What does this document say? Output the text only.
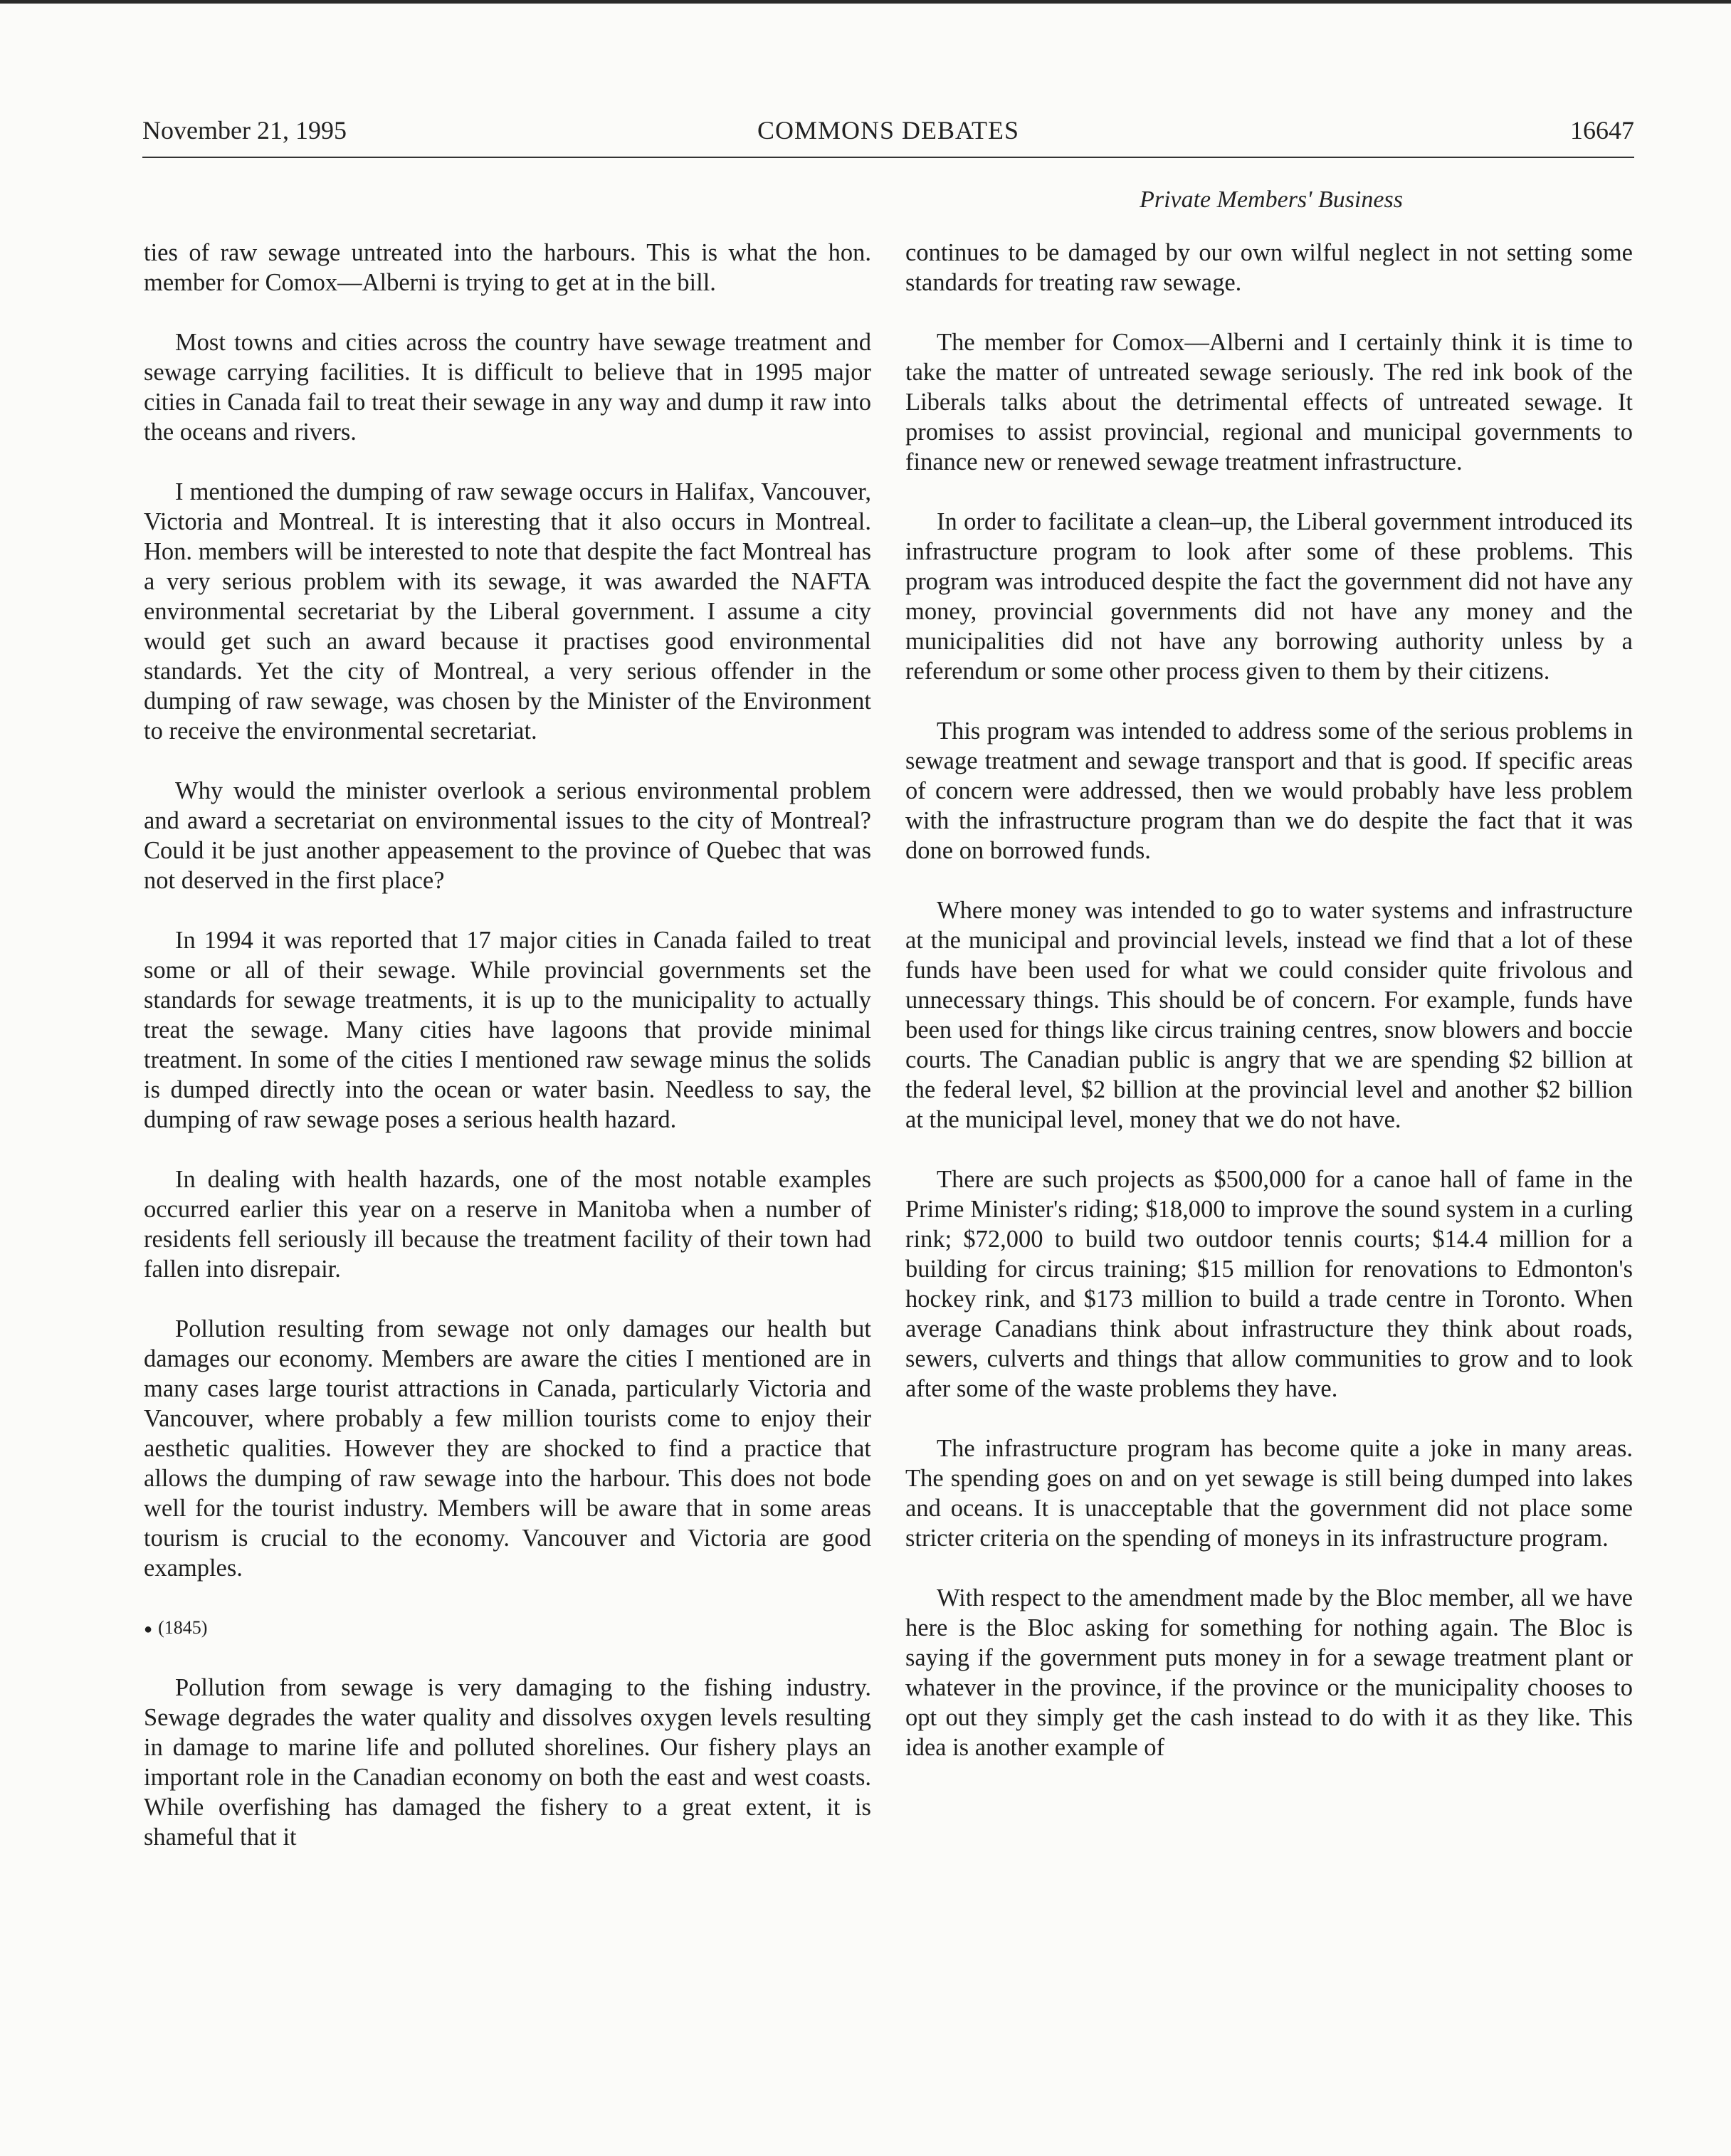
November 21, 1995	COMMONS DEBATES	16647
Private Members' Business

ties of raw sewage untreated into the harbours. This is what the hon. member for Comox—Alberni is trying to get at in the bill.

Most towns and cities across the country have sewage treatment and sewage carrying facilities. It is difficult to believe that in 1995 major cities in Canada fail to treat their sewage in any way and dump it raw into the oceans and rivers.

I mentioned the dumping of raw sewage occurs in Halifax, Vancouver, Victoria and Montreal. It is interesting that it also occurs in Montreal. Hon. members will be interested to note that despite the fact Montreal has a very serious problem with its sewage, it was awarded the NAFTA environmental secretariat by the Liberal government. I assume a city would get such an award because it practises good environmental standards. Yet the city of Montreal, a very serious offender in the dumping of raw sewage, was chosen by the Minister of the Environment to receive the environmental secretariat.

Why would the minister overlook a serious environmental problem and award a secretariat on environmental issues to the city of Montreal? Could it be just another appeasement to the province of Quebec that was not deserved in the first place?

In 1994 it was reported that 17 major cities in Canada failed to treat some or all of their sewage. While provincial governments set the standards for sewage treatments, it is up to the municipality to actually treat the sewage. Many cities have lagoons that provide minimal treatment. In some of the cities I mentioned raw sewage minus the solids is dumped directly into the ocean or water basin. Needless to say, the dumping of raw sewage poses a serious health hazard.

In dealing with health hazards, one of the most notable examples occurred earlier this year on a reserve in Manitoba when a number of residents fell seriously ill because the treatment facility of their town had fallen into disrepair.

Pollution resulting from sewage not only damages our health but damages our economy. Members are aware the cities I mentioned are in many cases large tourist attractions in Canada, particularly Victoria and Vancouver, where probably a few million tourists come to enjoy their aesthetic qualities. However they are shocked to find a practice that allows the dumping of raw sewage into the harbour. This does not bode well for the tourist industry. Members will be aware that in some areas tourism is crucial to the economy. Vancouver and Victoria are good examples.

● (1845)

Pollution from sewage is very damaging to the fishing industry. Sewage degrades the water quality and dissolves oxygen levels resulting in damage to marine life and polluted shorelines. Our fishery plays an important role in the Canadian economy on both the east and west coasts. While overfishing has damaged the fishery to a great extent, it is shameful that it

continues to be damaged by our own wilful neglect in not setting some standards for treating raw sewage.

The member for Comox—Alberni and I certainly think it is time to take the matter of untreated sewage seriously. The red ink book of the Liberals talks about the detrimental effects of untreated sewage. It promises to assist provincial, regional and municipal governments to finance new or renewed sewage treatment infrastructure.

In order to facilitate a clean–up, the Liberal government introduced its infrastructure program to look after some of these problems. This program was introduced despite the fact the government did not have any money, provincial governments did not have any money and the municipalities did not have any borrowing authority unless by a referendum or some other process given to them by their citizens.

This program was intended to address some of the serious problems in sewage treatment and sewage transport and that is good. If specific areas of concern were addressed, then we would probably have less problem with the infrastructure program than we do despite the fact that it was done on borrowed funds.

Where money was intended to go to water systems and infrastructure at the municipal and provincial levels, instead we find that a lot of these funds have been used for what we could consider quite frivolous and unnecessary things. This should be of concern. For example, funds have been used for things like circus training centres, snow blowers and boccie courts. The Canadian public is angry that we are spending $2 billion at the federal level, $2 billion at the provincial level and another $2 billion at the municipal level, money that we do not have.

There are such projects as $500,000 for a canoe hall of fame in the Prime Minister's riding; $18,000 to improve the sound system in a curling rink; $72,000 to build two outdoor tennis courts; $14.4 million for a building for circus training; $15 million for renovations to Edmonton's hockey rink, and $173 million to build a trade centre in Toronto. When average Canadians think about infrastructure they think about roads, sewers, culverts and things that allow communities to grow and to look after some of the waste problems they have.

The infrastructure program has become quite a joke in many areas. The spending goes on and on yet sewage is still being dumped into lakes and oceans. It is unacceptable that the government did not place some stricter criteria on the spending of moneys in its infrastructure program.

With respect to the amendment made by the Bloc member, all we have here is the Bloc asking for something for nothing again. The Bloc is saying if the government puts money in for a sewage treatment plant or whatever in the province, if the province or the municipality chooses to opt out they simply get the cash instead to do with it as they like. This idea is another example of
